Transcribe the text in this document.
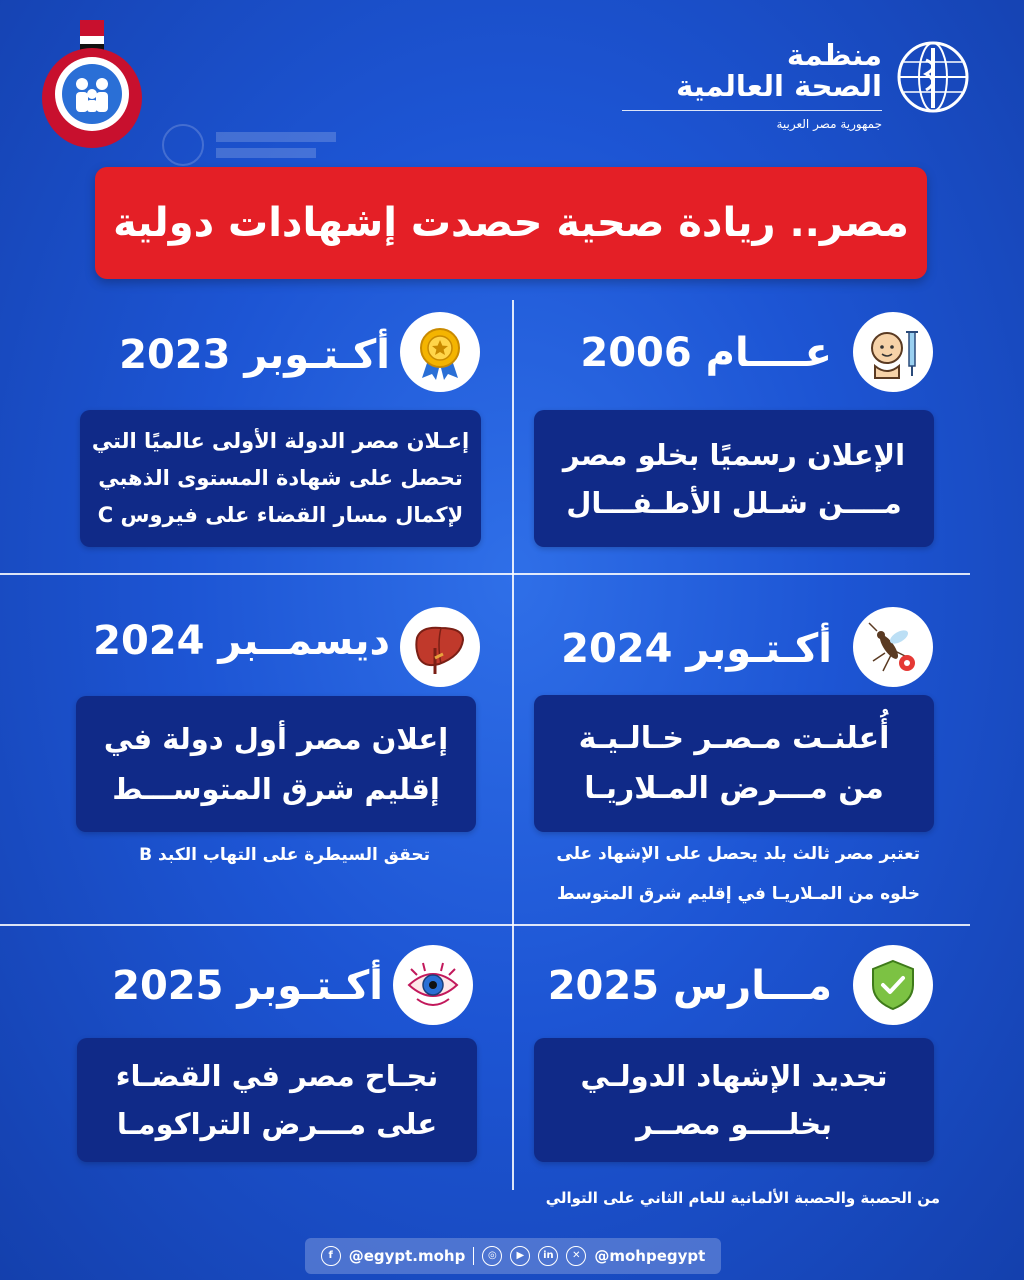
منظمة
الصحة العالمية
جمهورية مصر العربية
مصر.. ريادة صحية حصدت إشهادات دولية
عــــام 2006
الإعلان رسميًا بخلو مصر
مــــن شـلل الأطـفـــال
أكـتـوبر 2023
إعـلان مصر الدولة الأولى عالميًا التي
تحصل على شهادة المستوى الذهبي
لإكمال مسار القضاء على فيروس C
أكـتـوبر 2024
أُعلنـت مـصـر خـالـيـة
من مـــرض المـلاريـا
تعتبر مصر ثالث بلد يحصل على الإشهاد على
خلوه من المـلاريـا في إقليم شرق المتوسط
ديسمــبر 2024
إعلان مصر أول دولة في
إقليم شرق المتوســـط
تحقق السيطرة على التهاب الكبد B
مـــارس 2025
تجديد الإشهاد الدولـي
بخلــــو مصــر
من الحصبة والحصبة الألمانية للعام الثاني على التوالي
أكـتـوبر 2025
نجـاح مصر في القضـاء
على مـــرض التراكومـا
f	@egypt.mohp	◎	▶	in	✕ @mohpegypt
